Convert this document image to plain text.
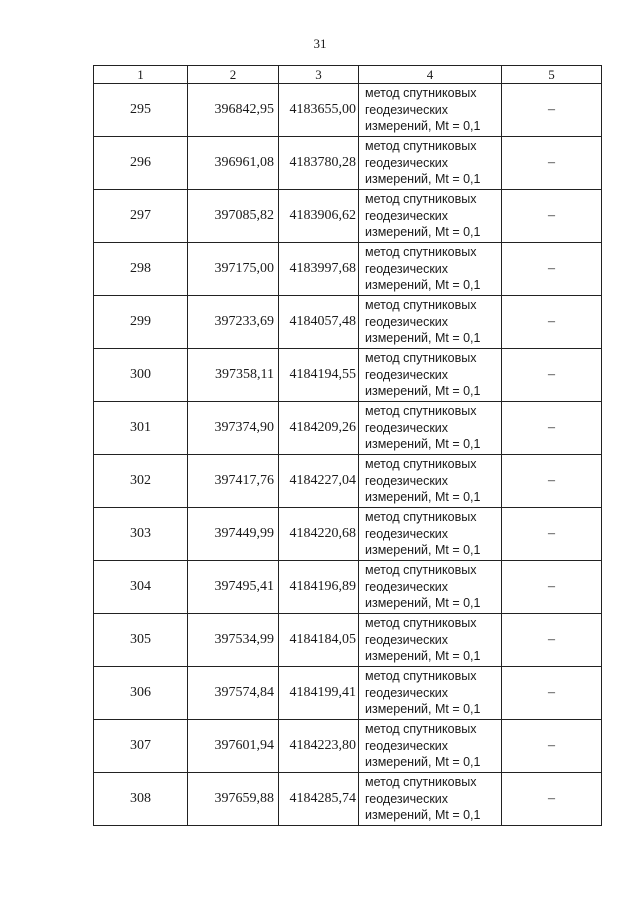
31
1	2	3	4	5
295	396842,95	4183655,00	метод спутниковых
геодезических
измерений, Mt = 0,1	–
296	396961,08	4183780,28	метод спутниковых
геодезических
измерений, Mt = 0,1	–
297	397085,82	4183906,62	метод спутниковых
геодезических
измерений, Mt = 0,1	–
298	397175,00	4183997,68	метод спутниковых
геодезических
измерений, Mt = 0,1	–
299	397233,69	4184057,48	метод спутниковых
геодезических
измерений, Mt = 0,1	–
300	397358,11	4184194,55	метод спутниковых
геодезических
измерений, Mt = 0,1	–
301	397374,90	4184209,26	метод спутниковых
геодезических
измерений, Mt = 0,1	–
302	397417,76	4184227,04	метод спутниковых
геодезических
измерений, Mt = 0,1	–
303	397449,99	4184220,68	метод спутниковых
геодезических
измерений, Mt = 0,1	–
304	397495,41	4184196,89	метод спутниковых
геодезических
измерений, Mt = 0,1	–
305	397534,99	4184184,05	метод спутниковых
геодезических
измерений, Mt = 0,1	–
306	397574,84	4184199,41	метод спутниковых
геодезических
измерений, Mt = 0,1	–
307	397601,94	4184223,80	метод спутниковых
геодезических
измерений, Mt = 0,1	–
308	397659,88	4184285,74	метод спутниковых
геодезических
измерений, Mt = 0,1	–
